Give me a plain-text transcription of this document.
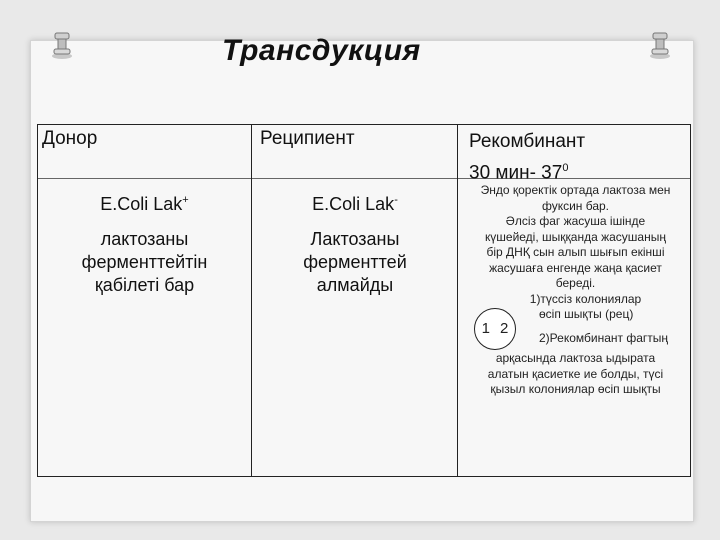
Трансдукция
Донор	Реципиент	Рекомбинант
30 мин- $37^0$
E.Coli Lak+
лактозаны
ферменттейтін
қабілеті бар
E.Coli Lak-
Лактозаны
ферменттей
алмайды

Эндо қоректік ортада лактоза мен

фуксин бар.

Әлсіз фаг жасуша ішінде

күшейеді, шыққанда жасушаның

бір ДНҚ сын алып шығып екінші

жасушаға енгенде жаңа қасиет

береді.

1)түссіз колониялар

1 2
өсіп шықты (рец)
2)Рекомбинант фагтың

арқасында лактоза ыдырата

алатын қасиетке ие болды, түсі

қызыл колониялар өсіп шықты
